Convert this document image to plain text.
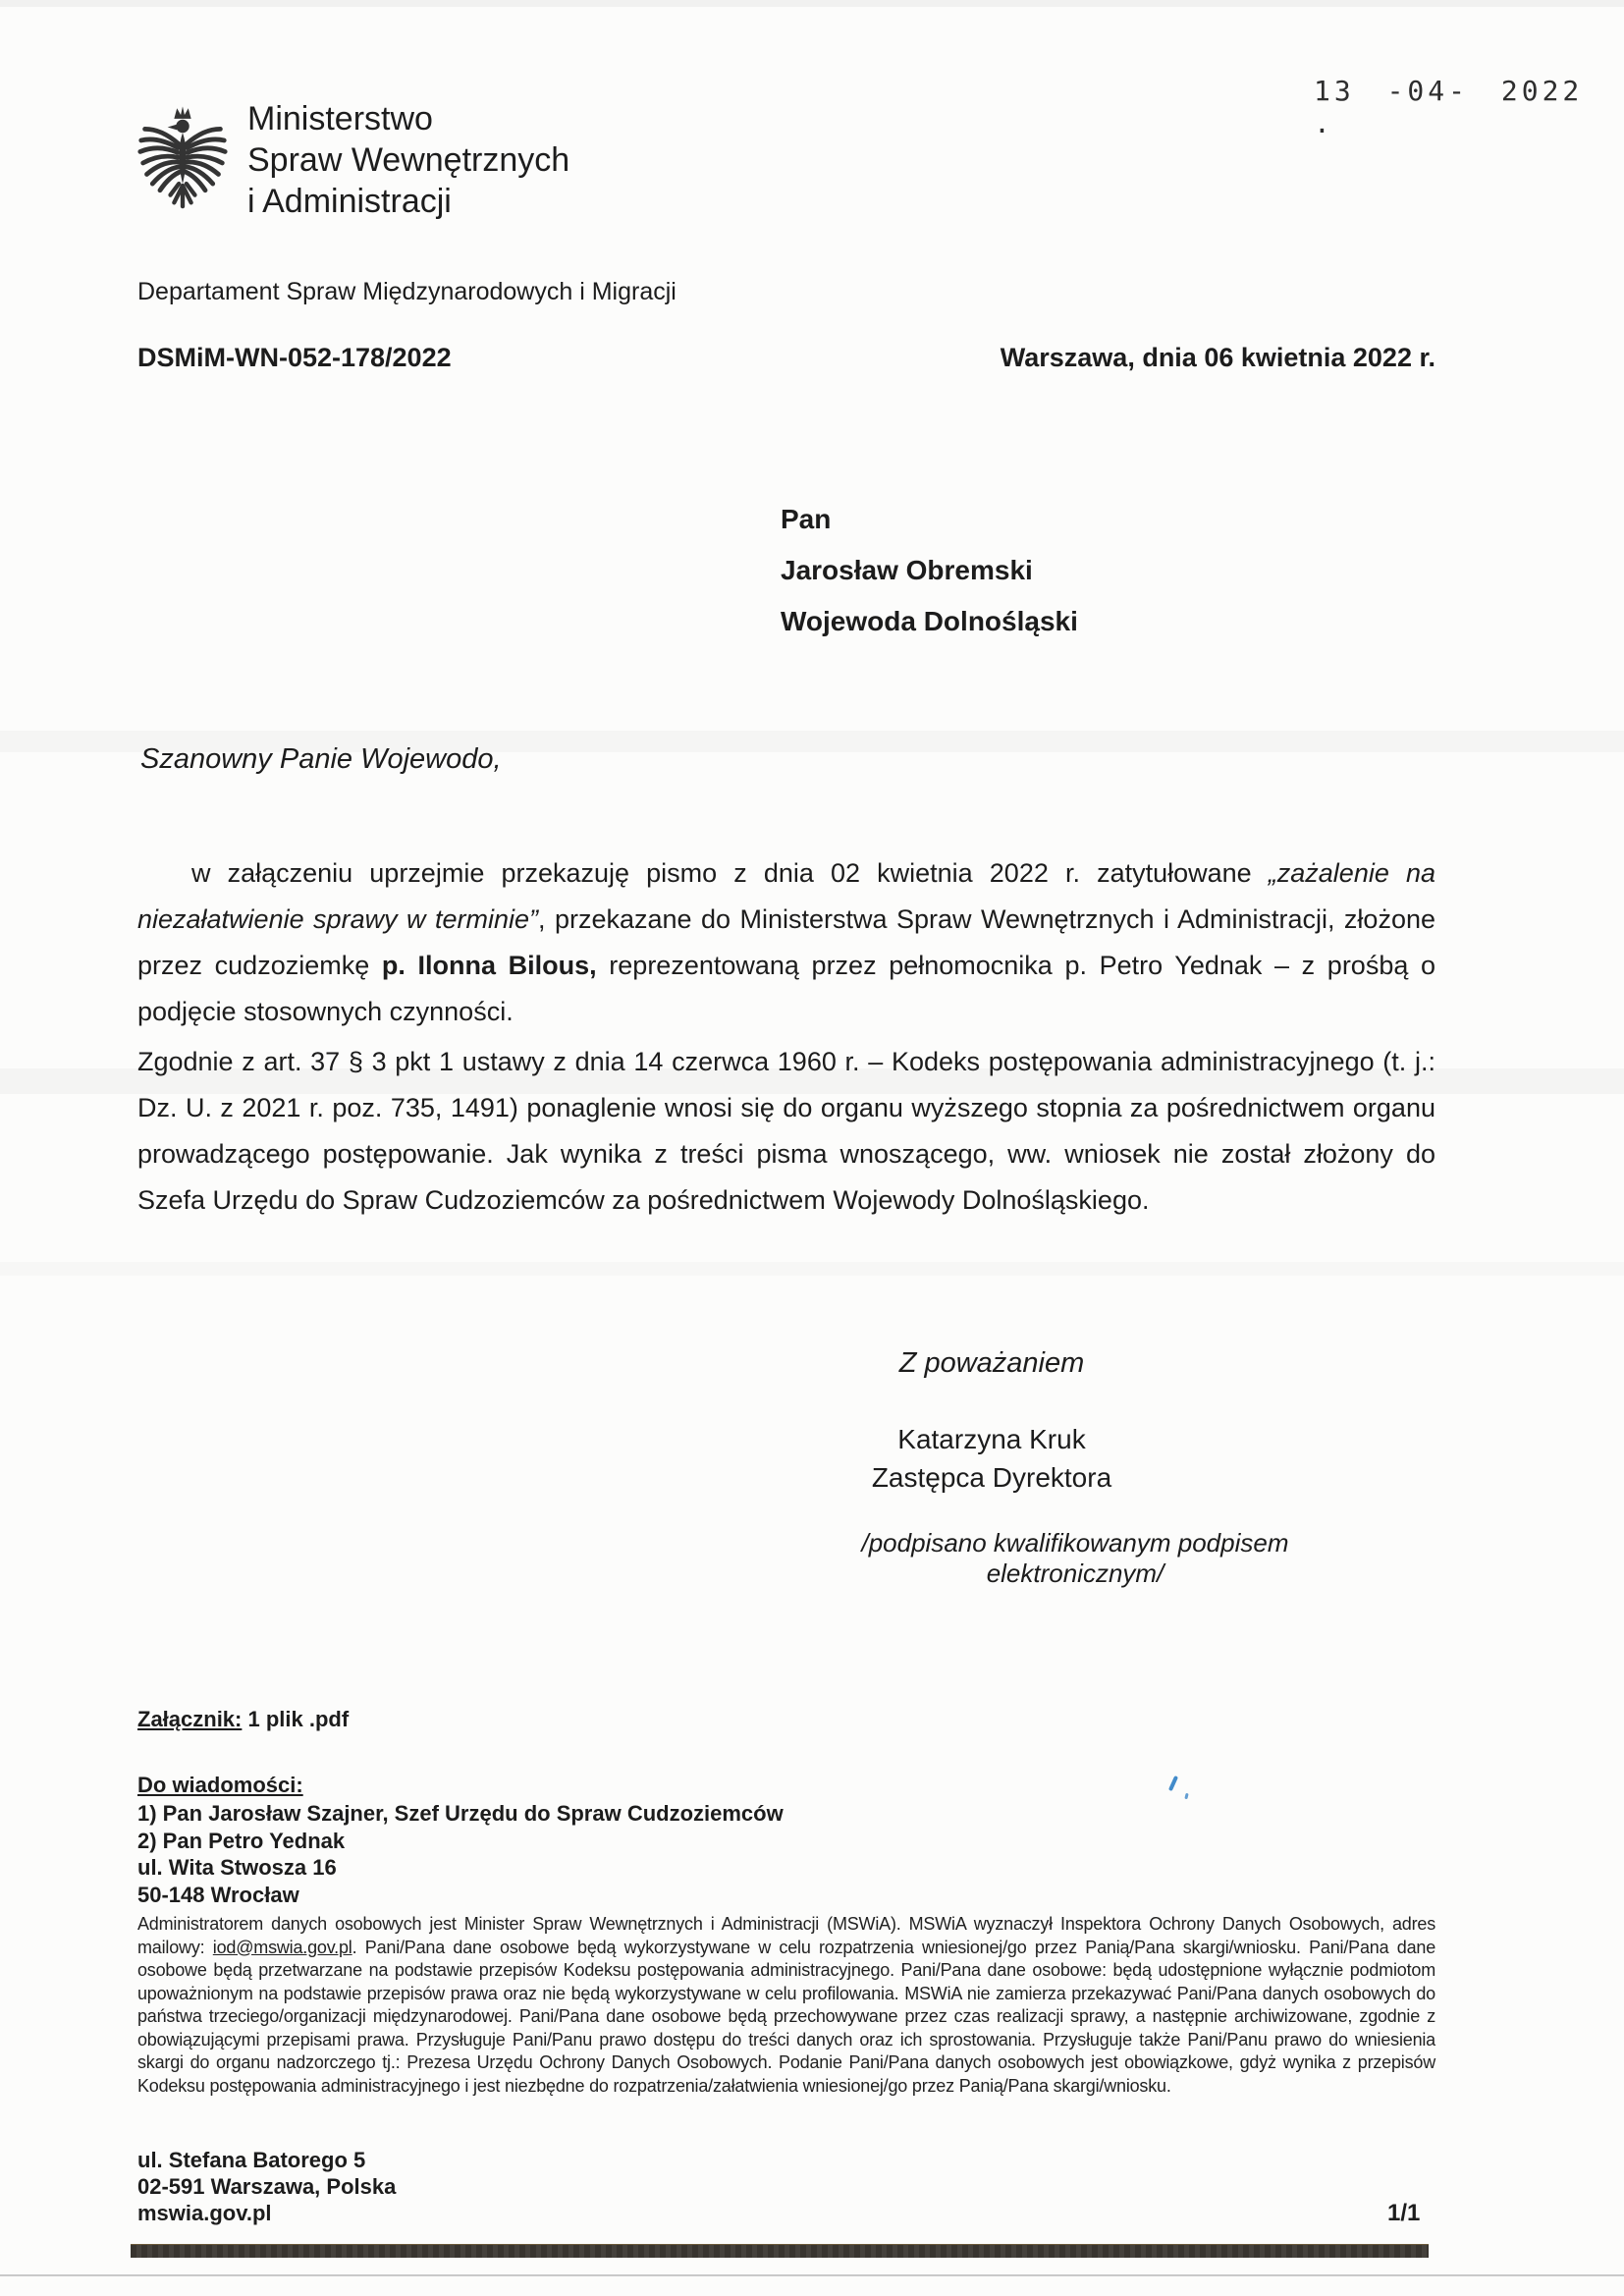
13 -04- 2022 .
Ministerstwo
Spraw Wewnętrznych
i Administracji
Departament Spraw Międzynarodowych i Migracji
DSMiM-WN-052-178/2022	Warszawa, dnia 06 kwietnia 2022 r.
Pan
Jarosław Obremski
Wojewoda Dolnośląski
Szanowny Panie Wojewodo,
w załączeniu uprzejmie przekazuję pismo z dnia 02 kwietnia 2022 r. zatytułowane „zażalenie na niezałatwienie sprawy w terminie”, przekazane do Ministerstwa Spraw Wewnętrznych i Administracji, złożone przez cudzoziemkę p. Ilonna Bilous, reprezentowaną przez pełnomocnika p. Petro Yednak – z prośbą o podjęcie stosownych czynności.
Zgodnie z art. 37 § 3 pkt 1 ustawy z dnia 14 czerwca 1960 r. – Kodeks postępowania administracyjnego (t. j.: Dz. U. z 2021 r. poz. 735, 1491) ponaglenie wnosi się do organu wyższego stopnia za pośrednictwem organu prowadzącego postępowanie. Jak wynika z treści pisma wnoszącego, ww. wniosek nie został złożony do Szefa Urzędu do Spraw Cudzoziemców za pośrednictwem Wojewody Dolnośląskiego.
Z poważaniem
Katarzyna Kruk
Zastępca Dyrektora
/podpisano kwalifikowanym podpisem elektronicznym/
Załącznik: 1 plik .pdf
Do wiadomości:
1) Pan Jarosław Szajner, Szef Urzędu do Spraw Cudzoziemców
2) Pan Petro Yednak
ul. Wita Stwosza 16
50-148 Wrocław
Administratorem danych osobowych jest Minister Spraw Wewnętrznych i Administracji (MSWiA). MSWiA wyznaczył Inspektora Ochrony Danych Osobowych, adres mailowy: iod@mswia.gov.pl. Pani/Pana dane osobowe będą wykorzystywane w celu rozpatrzenia wniesionej/go przez Panią/Pana skargi/wniosku. Pani/Pana dane osobowe będą przetwarzane na podstawie przepisów Kodeksu postępowania administracyjnego. Pani/Pana dane osobowe: będą udostępnione wyłącznie podmiotom upoważnionym na podstawie przepisów prawa oraz nie będą wykorzystywane w celu profilowania. MSWiA nie zamierza przekazywać Pani/Pana danych osobowych do państwa trzeciego/organizacji międzynarodowej. Pani/Pana dane osobowe będą przechowywane przez czas realizacji sprawy, a następnie archiwizowane, zgodnie z obowiązującymi przepisami prawa. Przysługuje Pani/Panu prawo dostępu do treści danych oraz ich sprostowania. Przysługuje także Pani/Panu prawo do wniesienia skargi do organu nadzorczego tj.: Prezesa Urzędu Ochrony Danych Osobowych. Podanie Pani/Pana danych osobowych jest obowiązkowe, gdyż wynika z przepisów Kodeksu postępowania administracyjnego i jest niezbędne do rozpatrzenia/załatwienia wniesionej/go przez Panią/Pana skargi/wniosku.
ul. Stefana Batorego 5
02-591 Warszawa, Polska
mswia.gov.pl	1/1
